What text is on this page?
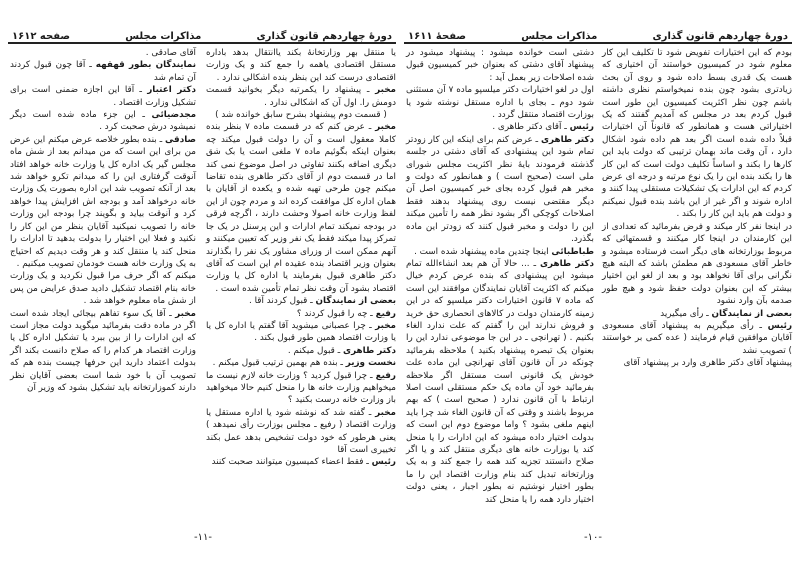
دورهٔ چهاردهم قانون گذاری
مذاکرات مجلس
صفحه ۱۶۱۲

یا منتقل بهر وزارتخانهٔ بکند یاانتقال بدهد باداره مستقل اقتصادی یاهمه را جمع کند و یک وزارت اقتصادی درست کند این بنظر بنده اشکالی ندارد .

مخبر ـ پیشنهاد را یکمرتبه دیگر بخوانید قسمت دومش را. اول آن که اشکالی ندارد .

( قسمت دوم پیشنهاد بشرح سابق خوانده شد )

مخبر ـ عرض کنم که در قسمت ماده ۷ بنظر بنده کاملا معقول است و آن را دولت قبول میکند چه بعنوان اینکه بگوئیم ماده ۷ ملغی است یا بک شق دیگری اضافه بکنند تفاوتی در اصل موضوع نمی کند اما در قسمت دوم از آقای دکتر طاهری بنده تقاضا میکنم چون طرحی تهیه شده و یکعده از آقایان با همان اداره کل موافقت کرده اند و مردم چون از این لفظ وزارت خانه اصولا وحشت دارند ، اگرچه فرقی در بودجه نمیکند تمام ادارات و این پرسنل در یک جا تمرکز پیدا میکند فقط یک نفر وزیر که تعیین میکنند و آنهم ممکن است از وزرای مشاور یک نفر را بگذارند بعنوان وزیر اقتصاد بنده عقیده ام این است که آقای دکتر طاهری قبول بفرمایند یا اداره کل یا وزارت اقتصاد بشود آن وقت نظر تمام تأمین شده است .

بعضی از نمایندگان ـ قبول کردند آقا .

رفیع ـ چه را قبول کردند ؟

مخبر ـ چرا عصبانی میشوید آقا گفتم یا اداره کل یا یا وزارت اقتصاد همین طور قبول بکند .

دکتر طاهری ـ قبول میکنم .

نخست وزیر ـ بنده هم بهمین ترتیب قبول میکنم .

رفیع ـ چرا قبول کردید ؟ وزارت خانه لازم نیست ما میخواهیم وزارت خانه ها را منحل کنیم حالا میخواهید باز وزارت خانه درست بکنید ؟

مخبر ـ گفته شد که نوشته شود یا اداره مستقل یا وزارت اقتصاد ( رفیع ـ مجلس بوزارت رأی نمیدهد ) یعنی هرطور که خود دولت تشخیص بدهد عمل بکند تخییری است آقا

رئیس ـ فقط اعضاء کمیسیون میتوانند صحبت کنند

آقای صادقی .

نمایندگان بطور قهقهه ـ آقا چون قبول کردند آن تمام شد

دکتر اعتبار ـ آقا این اجازه ضمنی است برای تشکیل وزارت اقتصاد .

مجدضیائی ـ این جزء ماده شده است دیگر نمیشود درش صحبت کرد .

صادقی ـ بنده بطور خلاصه عرض میکنم این عرض من برای این است که من میدانم بعد از شش ماه مجلس گیر یک اداره کل یا وزارت خانه خواهد افتاد آنوقت گرفتاری این را که میدانم تکرو خواهد شد بعد از آنکه تصویب شد این اداره بصورت یک وزارت خانه درخواهد آمد و بودجه اش افزایش پیدا خواهد کرد و آنوقت بیاید و بگویند چرا بودجه این وزارت خانه را تصویب نمیکنید آقایان بنظر من این کار را نکنید و فعلا این اختیار را بدولت بدهید تا ادارات را منحل کند یا منتقل کند و هر وقت دیدیم که احتیاج به یک وزارت خانه هست خودمان تصویب میکنیم .

میکنم که اگر حرف مرا قبول نکردید و یک وزارت خانه بنام اقتصاد تشکیل دادید صدق عرایض من پس از شش ماه معلوم خواهد شد .

مخبر ـ آقا یک سوء تفاهم بیجائی ایجاد شده است اگر در ماده دقت بفرمائید میگوید دولت مجاز است که این ادارات را از بین ببرد یا تشکیل اداره کل یا وزارت اقتصاد هر کدام را که صلاح دانست بکند اگر بدولت اعتماد دارید این حرفها چیست بنده هم که تصویب آن با خود شما است بعضی آقایان نظر دارند کموزارتخانه باید تشکیل بشود که وزیر آن

-۱۱-
دورهٔ چهاردهم قانون گذاری
مذاکرات مجلس
صفحهٔ ۱۶۱۱

بودم که این اختیارات تفویض شود تا تکلیف این کار معلوم شود در کمیسیون خواستند آن اختیاری که هست یک قدری بسط داده شود و روی آن بحث زیادتری بشود چون بنده نمیخواستم نظری داشته باشم چون نظر اکثریت کمیسیون این طور است قبول کردم بعد در مجلس که آمدیم گفتند که یک اختیاراتی هست و همانطور که قانوناً آن اختیارات قبلاً داده شده است اگر بعد هم داده شود اشکال دارد ، آن وقت ماند بهمان ترتیبی که دولت باید این کارها را بکند و اساساً تکلیف دولت است که این کار ها را بکند بنده این را یک نوع مرتبه و درجه ای عرض کردم که این ادارات یک تشکیلات مستقلی پیدا کنند و اداره شوند و اگر غیر از این باشد بنده قبول نمیکنم و دولت هم باید این کار را بکند .

در اینجا نفر کار میکند و فرض بفرمائید که تعدادی از این کارمندان در اینجا کار میکنند و قسمتهائی که مربوط بوزارتخانه های دیگر است فرستاده میشود و خاطر آقای مسعودی هم مطمئن باشد که البته هیچ نگرانی برای آقا نخواهد بود و بعد از لغو این اختیار بیشتر که این بعنوان دولت حفظ شود و هیچ طور صدمه بآن وارد نشود

بعضی از نمایندگان ـ رأی میگیرید

رئیس ـ رأی میگیریم به پیشنهاد آقای مسعودی آقایان موافقین قیام فرمایند ( عده کمی بر خواستند ) تصویب نشد

پیشنهاد آقای دکتر طاهری وارد بر پیشنهاد آقای

دشتی است خوانده میشود : پیشنهاد میشود در پیشنهاد آقای دشتی که بعنوان خبر کمیسیون قبول شده اصلاحات زیر بعمل آید :

اول در لغو اختیارات دکتر میلسپو ماده ۷ آن مستثنی شود دوم ـ بجای با اداره مستقل نوشته شود یا بوزارت اقتصاد منتقل گردد .

رئیس ـ آقای دکتر طاهری .

دکتر طاهری ـ عرض کنم برای اینکه این کار زودتر تمام شود این پیشنهادی که آقای دشتی در جلسه گذشته فرمودند بایهٔ نظر اکثریت مجلس شورای ملی است (صحیح است ) و همانطور که دولت و مخبر هم قبول کرده بجای خبر کمیسیون اصل آن دیگر مقتضی نیست روی پیشنهاد بدهند فقط اصلاحات کوچکی اگر بشود نظر همه را تأمین میکند این را دولت و مخبر قبول کنند که زودتر این ماده بگذرد.

طباطبائی اینجا چندین ماده پیشنهاد شده است .

دکتر طاهری ـ ... حالا آن هم بعد انشاءالله تمام میشود این پیشنهادی که بنده عرض کردم خیال میکنم که اکثریت آقایان نمایندگان موافقند این است که ماده ۷ قانون اختیارات دکتر میلسپو که در این زمینه کارمندان دولت در کالاهای انحصاری حق خرید و فروش ندارند این را گفتم که علت ندارد الغاء بکنیم . ( تهرانچی ـ در این جا موضوعی ندارد این را بعنوان یک تبصره پیشنهاد بکنید ) ملاحظه بفرمائید چونکه در آن قانون آقای تهرانچی این ماده علت خودش یک قانونی است مستقل اگر ملاحظه بفرمائید خود آن ماده یک حکم مستقلی است اصلا ارتباط با آن قانون ندارد ( صحیح است ) که بهم مربوط باشند و وقتی که آن قانون الغاء شد چرا باید اینهم ملغی بشود ؟ واما موضوع دوم این است که بدولت اختیار داده میشود که این ادارات را یا منحل کند یا بوزارت خانه های دیگری منتقل کند و یا اگر صلاح دانستند تجزیه کند همه را جمع کند و به یک وزارتخانه تبدیل کند بنام وزارت اقتصاد این را ما بطور اختیار نوشتیم نه بطور اجبار ، یعنی دولت اختیار دارد همه را یا منحل کند

-۱۰-
